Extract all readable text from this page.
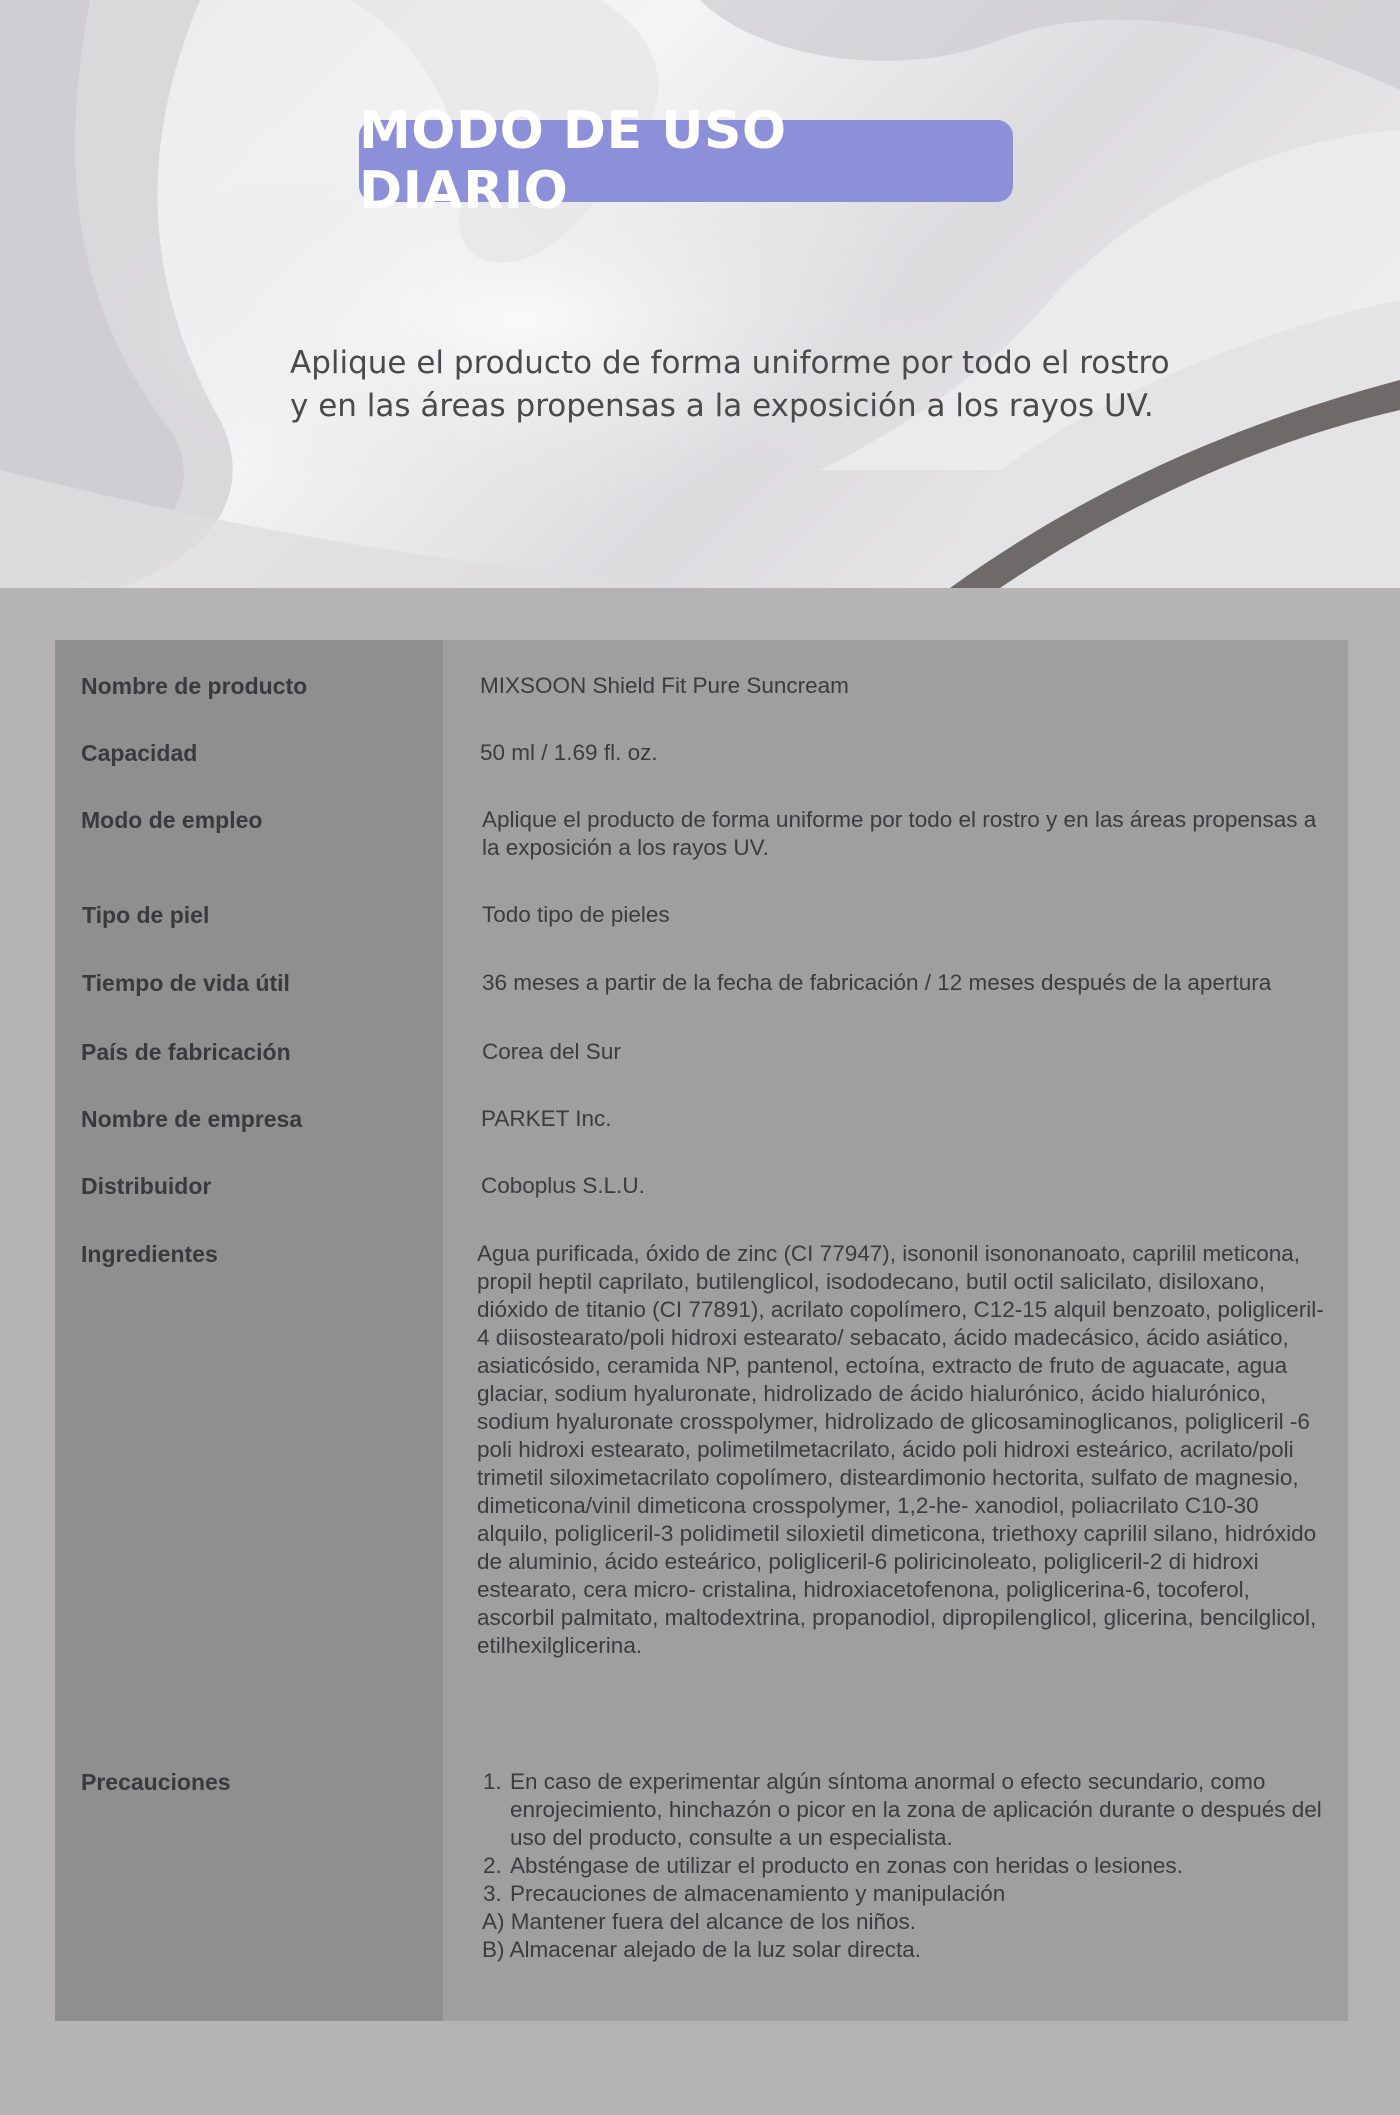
MODO DE USO DIARIO
Aplique el producto de forma uniforme por todo el rostro
y en las áreas propensas a la exposición a los rayos UV.
Nombre de producto	MIXSOON Shield Fit Pure Suncream
Capacidad	50 ml / 1.69 fl. oz.
Modo de empleo	Aplique el producto de forma uniforme por todo el rostro y en las áreas propensas a la exposición a los rayos UV.
Tipo de piel	Todo tipo de pieles
Tiempo de vida útil	36 meses a partir de la fecha de fabricación / 12 meses después de la apertura
País de fabricación	Corea del Sur
Nombre de empresa	PARKET Inc.
Distribuidor	Coboplus S.L.U.
Ingredientes	Agua purificada, óxido de zinc (CI 77947), isononil isononanoato, caprilil meticona, propil heptil caprilato, butilenglicol, isododecano, butil octil salicilato, disiloxano, dióxido de titanio (CI 77891), acrilato copolímero, C12-15 alquil benzoato, poligliceril-4 diisostearato/poli hidroxi estearato/ sebacato, ácido madecásico, ácido asiático, asiaticósido, ceramida NP, pantenol, ectoína, extracto de fruto de aguacate, agua glaciar, sodium hyaluronate, hidrolizado de ácido hialurónico, ácido hialurónico, sodium hyaluronate crosspolymer, hidrolizado de glicosaminoglicanos, poligliceril -6 poli hidroxi estearato, polimetilmetacrilato, ácido poli hidroxi esteárico, acrilato/poli trimetil siloximetacrilato copolímero, disteardimonio hectorita, sulfato de magnesio, dimeticona/vinil dimeticona crosspolymer, 1,2-he- xanodiol, poliacrilato C10-30 alquilo, poligliceril-3 polidimetil siloxietil dimeticona, triethoxy caprilil silano, hidróxido de aluminio, ácido esteárico, poligliceril-6 poliricinoleato, poligliceril-2 di hidroxi estearato, cera micro- cristalina, hidroxiacetofenona, poliglicerina-6, tocoferol, ascorbil palmitato, maltodextrina, propanodiol, dipropilenglicol, glicerina, bencilglicol, etilhexilglicerina.
Precauciones
1.	En caso de experimentar algún síntoma anormal o efecto secundario, como enrojecimiento, hinchazón o picor en la zona de aplicación durante o después del uso del producto, consulte a un especialista.
2. Absténgase de utilizar el producto en zonas con heridas o lesiones.
3. Precauciones de almacenamiento y manipulación

A) Mantener fuera del alcance de los niños.

B) Almacenar alejado de la luz solar directa.
